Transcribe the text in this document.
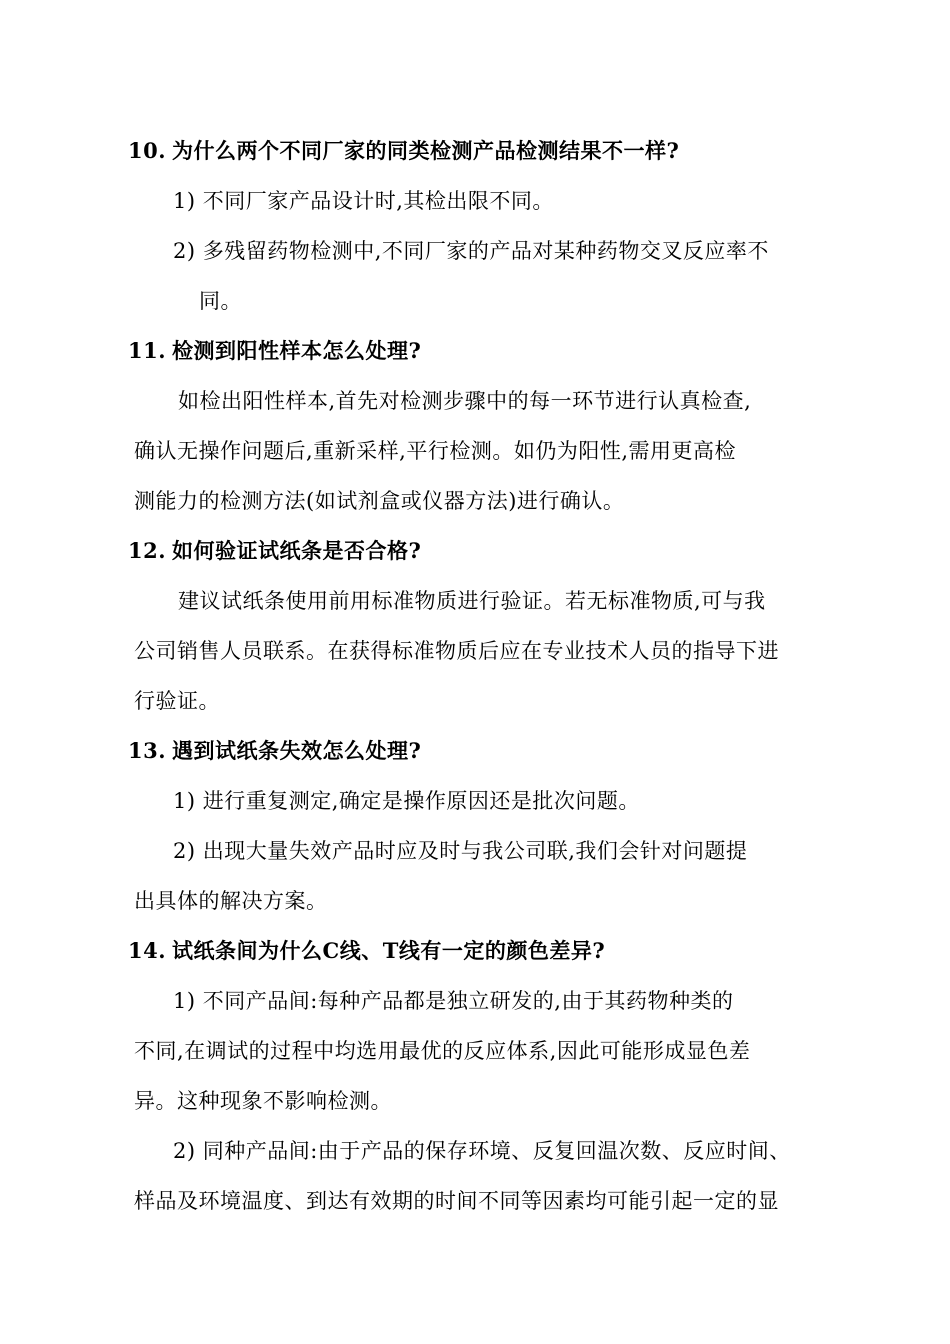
10. 为什么两个不同厂家的同类检测产品检测结果不一样?
1) 不同厂家产品设计时,其检出限不同。
2) 多残留药物检测中,不同厂家的产品对某种药物交叉反应率不
同。
11. 检测到阳性样本怎么处理?
如检出阳性样本,首先对检测步骤中的每一环节进行认真检查,
确认无操作问题后,重新采样,平行检测。如仍为阳性,需用更高检
测能力的检测方法(如试剂盒或仪器方法)进行确认。
12. 如何验证试纸条是否合格?
建议试纸条使用前用标准物质进行验证。若无标准物质,可与我
公司销售人员联系。在获得标准物质后应在专业技术人员的指导下进
行验证。
13. 遇到试纸条失效怎么处理?
1) 进行重复测定,确定是操作原因还是批次问题。
2) 出现大量失效产品时应及时与我公司联,我们会针对问题提
出具体的解决方案。
14. 试纸条间为什么C线、T线有一定的颜色差异?
1) 不同产品间:每种产品都是独立研发的,由于其药物种类的
不同,在调试的过程中均选用最优的反应体系,因此可能形成显色差
异。这种现象不影响检测。
2) 同种产品间:由于产品的保存环境、反复回温次数、反应时间、
样品及环境温度、到达有效期的时间不同等因素均可能引起一定的显
